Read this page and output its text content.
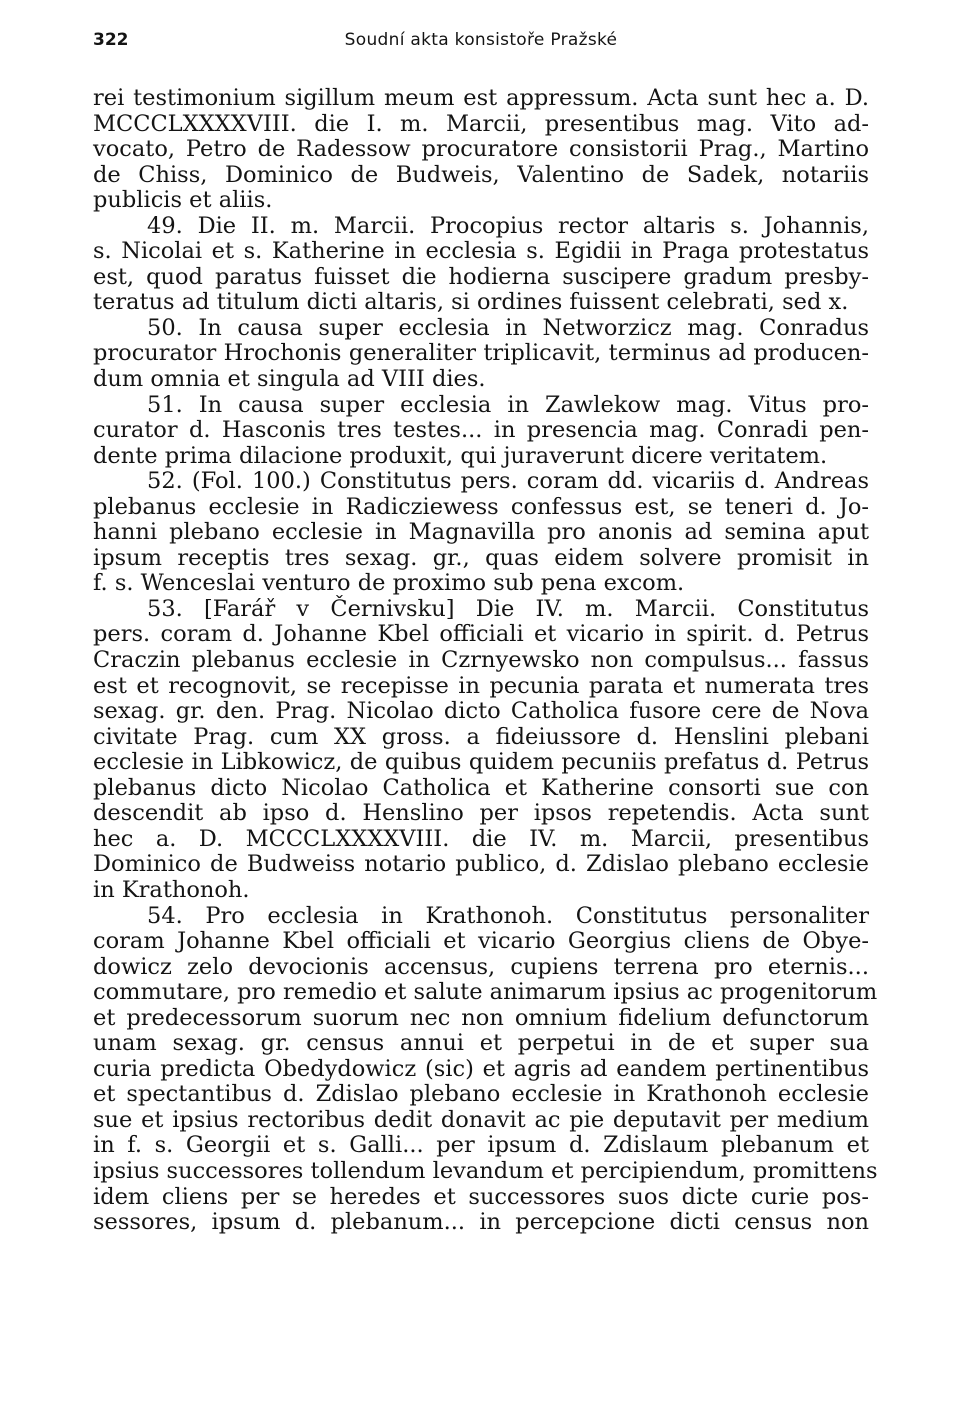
322	Soudní akta konsistoře Pražské
rei testimonium sigillum meum est appressum. Acta sunt hec a. D.
MCCCLXXXXVIII. die I. m. Marcii, presentibus mag. Vito ad-
vocato, Petro de Radessow procuratore consistorii Prag., Martino
de Chiss, Dominico de Budweis, Valentino de Sadek, notariis
publicis et aliis.
49. Die II. m. Marcii. Procopius rector altaris s. Johannis,
s. Nicolai et s. Katherine in ecclesia s. Egidii in Praga protestatus
est, quod paratus fuisset die hodierna suscipere gradum presby-
teratus ad titulum dicti altaris, si ordines fuissent celebrati, sed x.
50. In causa super ecclesia in Networzicz mag. Conradus
procurator Hrochonis generaliter triplicavit, terminus ad producen-
dum omnia et singula ad VIII dies.
51. In causa super ecclesia in Zawlekow mag. Vitus pro-
curator d. Hasconis tres testes... in presencia mag. Conradi pen-
dente prima dilacione produxit, qui juraverunt dicere veritatem.
52. (Fol. 100.) Constitutus pers. coram dd. vicariis d. Andreas
plebanus ecclesie in Radicziewess confessus est, se teneri d. Jo-
hanni plebano ecclesie in Magnavilla pro anonis ad semina aput
ipsum receptis tres sexag. gr., quas eidem solvere promisit in
f. s. Wenceslai venturo de proximo sub pena excom.
53. [Farář v Černivsku] Die IV. m. Marcii. Constitutus
pers. coram d. Johanne Kbel officiali et vicario in spirit. d. Petrus
Craczin plebanus ecclesie in Czrnyewsko non compulsus... fassus
est et recognovit, se recepisse in pecunia parata et numerata tres
sexag. gr. den. Prag. Nicolao dicto Catholica fusore cere de Nova
civitate Prag. cum XX gross. a fideiussore d. Henslini plebani
ecclesie in Libkowicz, de quibus quidem pecuniis prefatus d. Petrus
plebanus dicto Nicolao Catholica et Katherine consorti sue con
descendit ab ipso d. Henslino per ipsos repetendis. Acta sunt
hec a. D. MCCCLXXXXVIII. die IV. m. Marcii, presentibus
Dominico de Budweiss notario publico, d. Zdislao plebano ecclesie
in Krathonoh.
54. Pro ecclesia in Krathonoh. Constitutus personaliter
coram Johanne Kbel officiali et vicario Georgius cliens de Obye-
dowicz zelo devocionis accensus, cupiens terrena pro eternis...
commutare, pro remedio et salute animarum ipsius ac progenitorum
et predecessorum suorum nec non omnium fidelium defunctorum
unam sexag. gr. census annui et perpetui in de et super sua
curia predicta Obedydowicz (sic) et agris ad eandem pertinentibus
et spectantibus d. Zdislao plebano ecclesie in Krathonoh ecclesie
sue et ipsius rectoribus dedit donavit ac pie deputavit per medium
in f. s. Georgii et s. Galli... per ipsum d. Zdislaum plebanum et
ipsius successores tollendum levandum et percipiendum, promittens
idem cliens per se heredes et successores suos dicte curie pos-
sessores, ipsum d. plebanum... in percepcione dicti census non
